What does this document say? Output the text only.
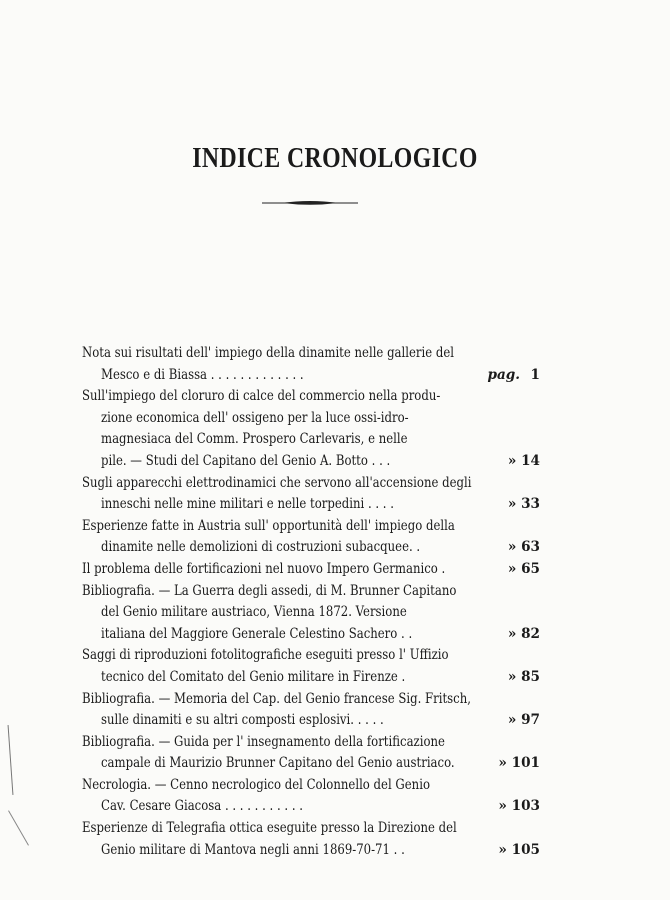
INDICE CRONOLOGICO
Nota sui risultati dell' impiego della dinamite nelle gallerie del
Mesco e di Biassa . . . . . . . . . . . . .	pag. 1
Sull'impiego del cloruro di calce del commercio nella produ-
zione economica dell' ossigeno per la luce ossi-idro-
magnesiaca del Comm. Prospero Carlevaris, e nelle
pile. — Studi del Capitano del Genio A. Botto . . .	» 14
Sugli apparecchi elettrodinamici che servono all'accensione degli
inneschi nelle mine militari e nelle torpedini . . . .	» 33
Esperienze fatte in Austria sull' opportunità dell' impiego della
dinamite nelle demolizioni di costruzioni subacquee. .	» 63
Il problema delle fortificazioni nel nuovo Impero Germanico .	» 65
Bibliografia. — La Guerra degli assedi, di M. Brunner Capitano
del Genio militare austriaco, Vienna 1872. Versione
italiana del Maggiore Generale Celestino Sachero . .	» 82
Saggi di riproduzioni fotolitografiche eseguiti presso l' Uffizio
tecnico del Comitato del Genio militare in Firenze .	» 85
Bibliografia. — Memoria del Cap. del Genio francese Sig. Fritsch,
sulle dinamiti e su altri composti esplosivi. . . . .	» 97
Bibliografia. — Guida per l' insegnamento della fortificazione
campale di Maurizio Brunner Capitano del Genio austriaco.	» 101
Necrologia. — Cenno necrologico del Colonnello del Genio
Cav. Cesare Giacosa . . . . . . . . . . .	» 103
Esperienze di Telegrafia ottica eseguite presso la Direzione del
Genio militare di Mantova negli anni 1869-70-71 . .	» 105
